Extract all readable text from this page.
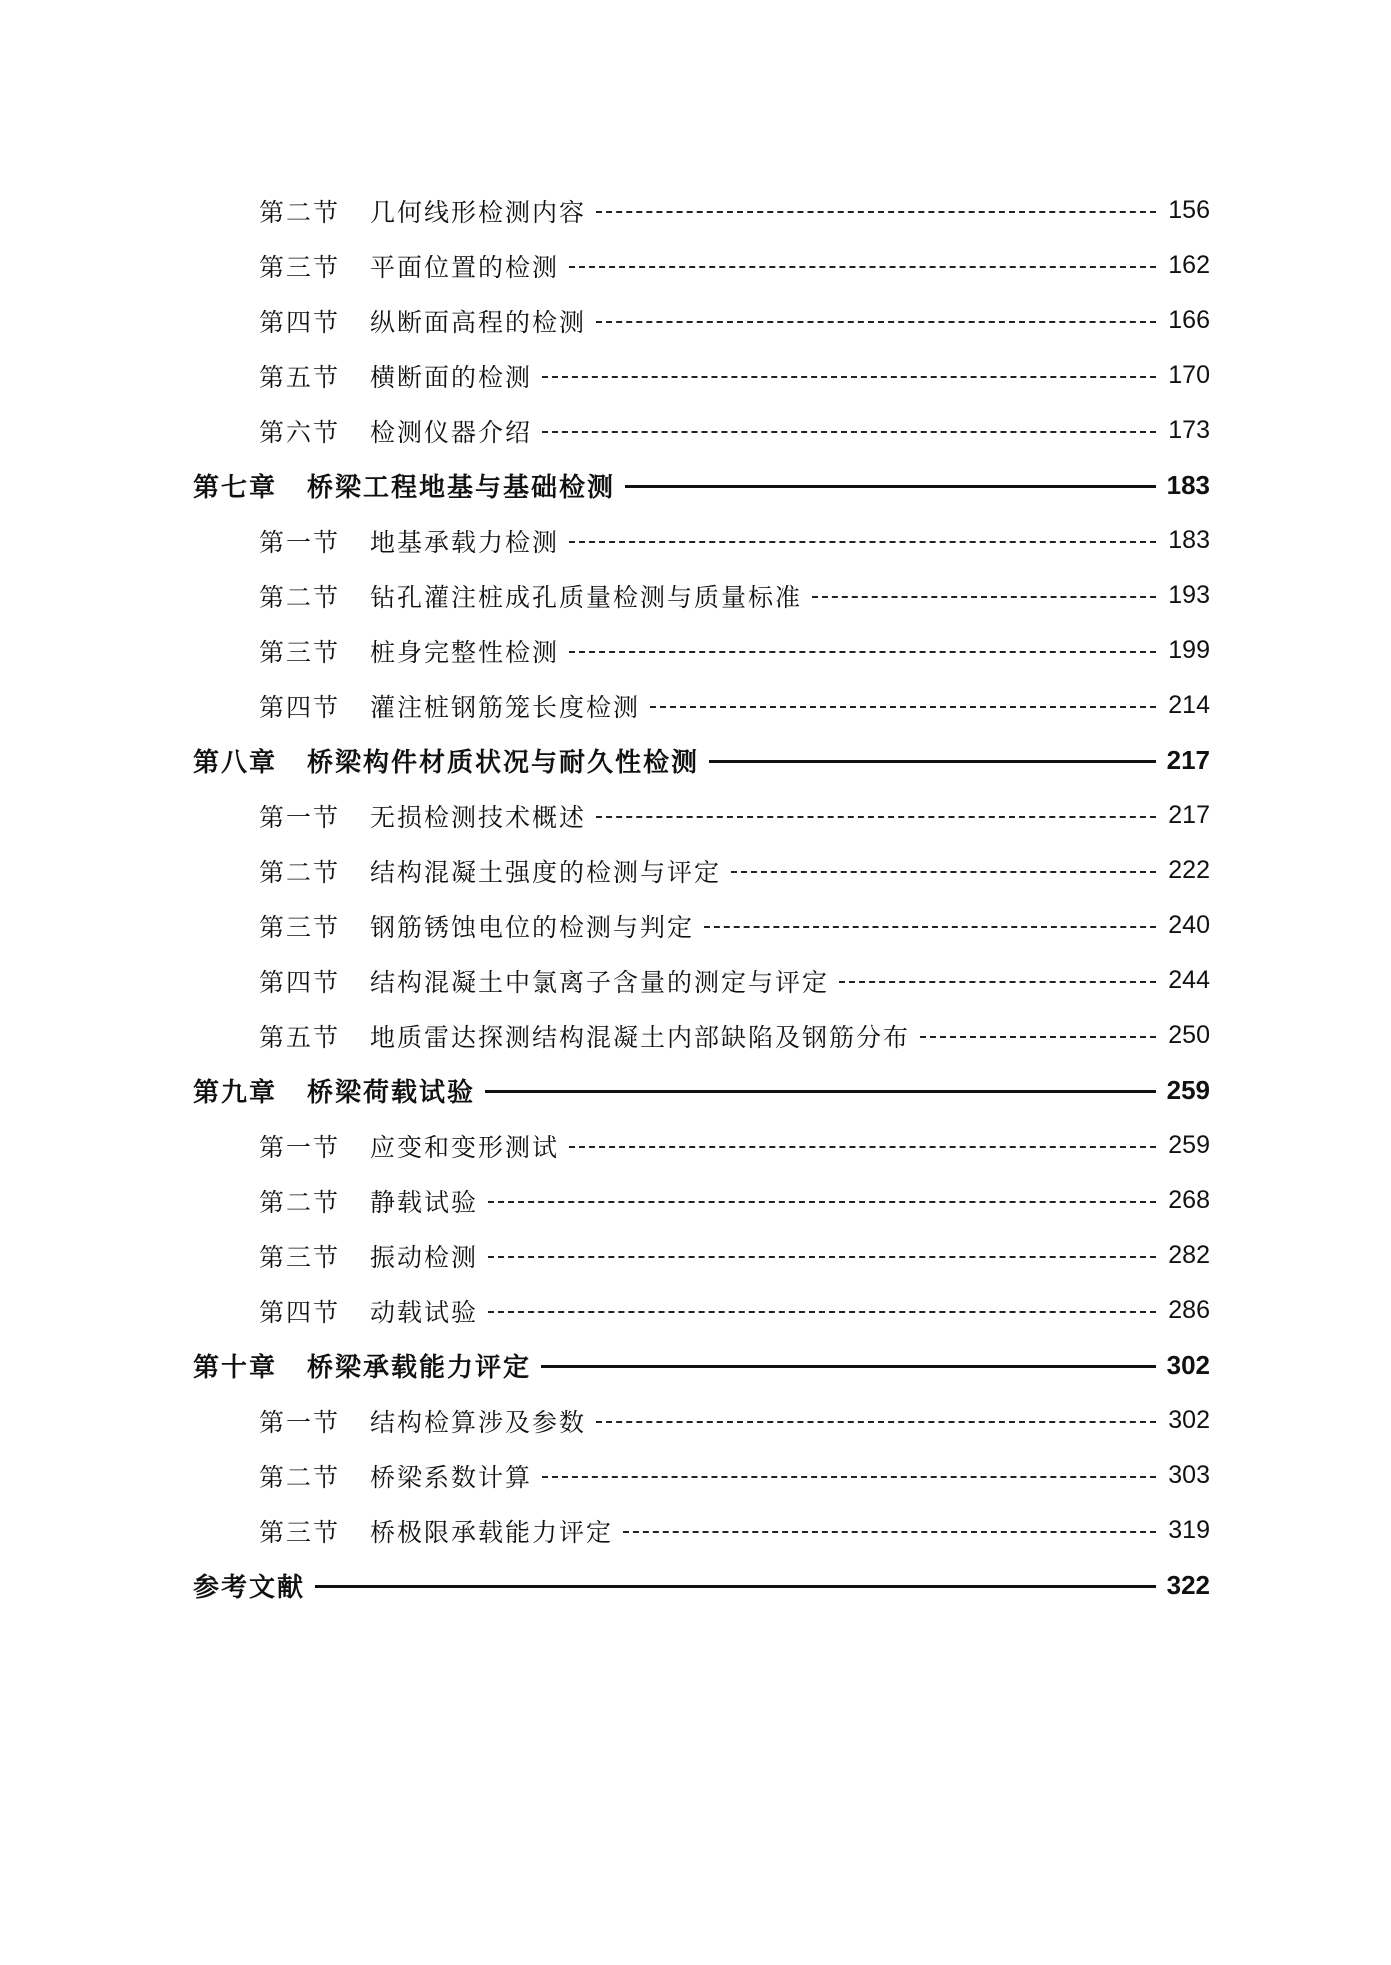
第二节 几何线形检测内容	156
第三节 平面位置的检测	162
第四节 纵断面高程的检测	166
第五节 横断面的检测	170
第六节 检测仪器介绍	173
第七章 桥梁工程地基与基础检测	183
第一节 地基承载力检测	183
第二节 钻孔灌注桩成孔质量检测与质量标准	193
第三节 桩身完整性检测	199
第四节 灌注桩钢筋笼长度检测	214
第八章 桥梁构件材质状况与耐久性检测	217
第一节 无损检测技术概述	217
第二节 结构混凝土强度的检测与评定	222
第三节 钢筋锈蚀电位的检测与判定	240
第四节 结构混凝土中氯离子含量的测定与评定	244
第五节 地质雷达探测结构混凝土内部缺陷及钢筋分布	250
第九章 桥梁荷载试验	259
第一节 应变和变形测试	259
第二节 静载试验	268
第三节 振动检测	282
第四节 动载试验	286
第十章 桥梁承载能力评定	302
第一节 结构检算涉及参数	302
第二节 桥梁系数计算	303
第三节 桥极限承载能力评定	319
参考文献	322
